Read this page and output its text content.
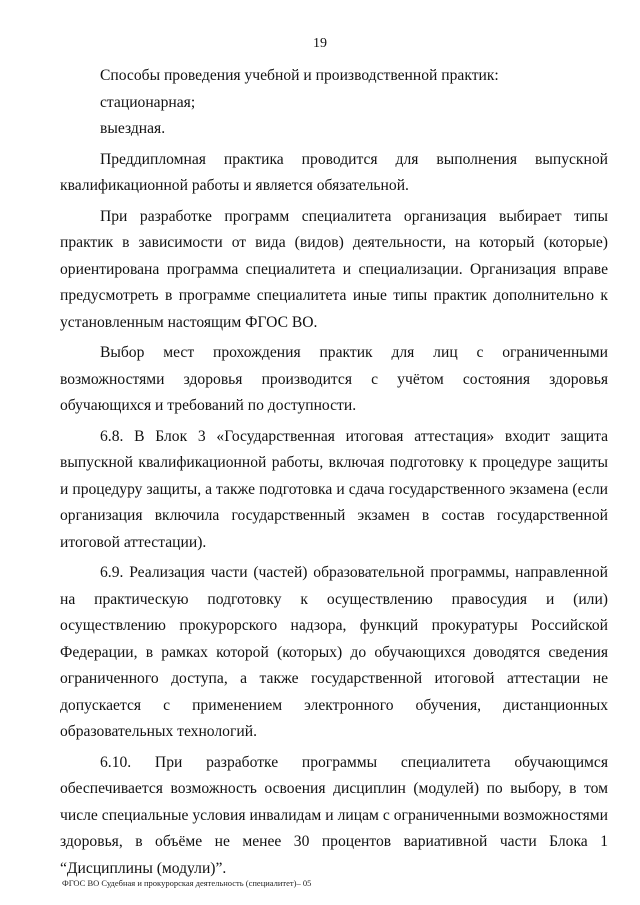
19

Способы проведения учебной и производственной практик:

стационарная;

выездная.

Преддипломная практика проводится для выполнения выпускной квалификационной работы и является обязательной.

При разработке программ специалитета организация выбирает типы практик в зависимости от вида (видов) деятельности, на который (которые) ориентирована программа специалитета и специализации. Организация вправе предусмотреть в программе специалитета иные типы практик дополнительно к установленным настоящим ФГОС ВО.

Выбор мест прохождения практик для лиц с ограниченными возможностями здоровья производится с учётом состояния здоровья обучающихся и требований по доступности.

6.8. В Блок 3 «Государственная итоговая аттестация» входит защита выпускной квалификационной работы, включая подготовку к процедуре защиты и процедуру защиты, а также подготовка и сдача государственного экзамена (если организация включила государственный экзамен в состав государственной итоговой аттестации).

6.9. Реализация части (частей) образовательной программы, направленной на практическую подготовку к осуществлению правосудия и (или) осуществлению прокурорского надзора, функций прокуратуры Российской Федерации, в рамках которой (которых) до обучающихся доводятся сведения ограниченного доступа, а также государственной итоговой аттестации не допускается с применением электронного обучения, дистанционных образовательных технологий.

6.10. При разработке программы специалитета обучающимся обеспечивается возможность освоения дисциплин (модулей) по выбору, в том числе специальные условия инвалидам и лицам с ограниченными возможностями здоровья, в объёме не менее 30 процентов вариативной части Блока 1 “Дисциплины (модули)”.

ФГОС ВО Судебная и прокурорская деятельность (специалитет)– 05
